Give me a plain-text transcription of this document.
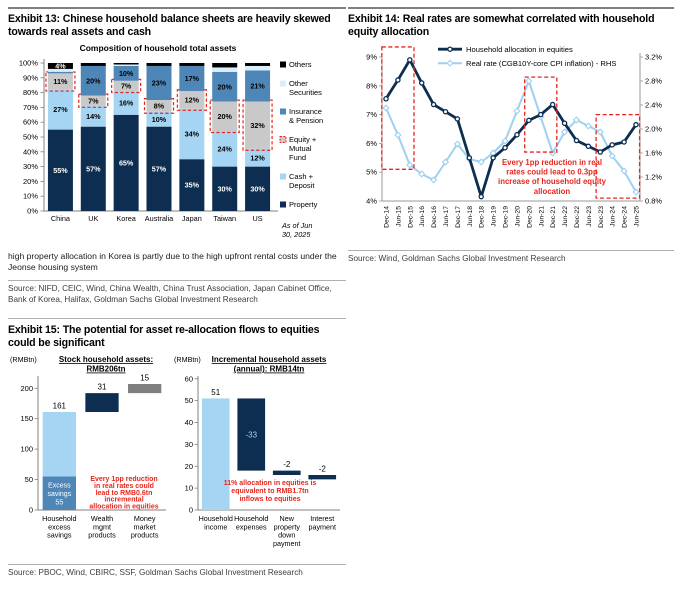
Exhibit 13: Chinese household balance sheets are heavily skewed towards real assets and cash
Composition of household total assets
0%
10%
20%
30%
40%
50%
60%
70%
80%
90%
100%
55%
27%
11%
4%
China
57%
14%
7%
20%
UK
65%
16%
7%
10%
Korea
57%
10%
8%
23%
Australia
35%
34%
12%
17%
Japan
30%
24%
20%
20%
Taiwan
30%
12%
32%
21%
US
Others
Other
Securities
Insurance
& Pension
Equity +
Mutual
Fund
Cash +
Deposit
Property
As of Jun
30, 2025

high property allocation in Korea is partly due to the high upfront rental costs under the Jeonse housing system

Source: NIFD, CEIC, Wind, China Wealth, China Trust Association, Japan Cabinet Office, Bank of Korea, Halifax, Goldman Sachs Global Investment Research

Exhibit 15: The potential for asset re-allocation flows to equities could be significant
(RMBtn)	Stock household assets:
RMB206tn
0
50
100
150
200
Excess
savings
55
161
Household
excess
savings
31
Wealth
mgmt
products
15
Money
market
products
Every 1pp reduction
in real rates could
lead to RMB0.6tn
incremental
allocation in equities
(RMBtn) Incremental household assets
(annual): RMB14tn
0
10
20
30
40
50
60
51
Household
income
-33
Household
expenses
-2
New
property
down
payment
-2
Interest
payment
11% allocation in equities is
equivalent to RMB1.7tn
inflows to equities

Source: PBOC, Wind, CBIRC, SSF, Goldman Sachs Global Investment Research

Exhibit 14: Real rates are somewhat correlated with household equity allocation
4%
5%
6%
7%
8%
9%
0.8%
1.2%
1.6%
2.0%
2.4%
2.8%
3.2%
Dec-14 Jun-15 Dec-15 Jun-16 Dec-16 Jun-17 Dec-17 Jun-18 Dec-18 Jun-19 Dec-19 Jun-20 Dec-20 Jun-21 Dec-21 Jun-22 Dec-22 Jun-23 Dec-23 Jun-24 Dec-24 Jun-25
Household allocation in equities
Real rate (CGB10Y-core CPI inflation) - RHS
Every 1pp reduction in real
rates could lead to 0.3pp
increase of household equity
allocation

Source: Wind, Goldman Sachs Global Investment Research
